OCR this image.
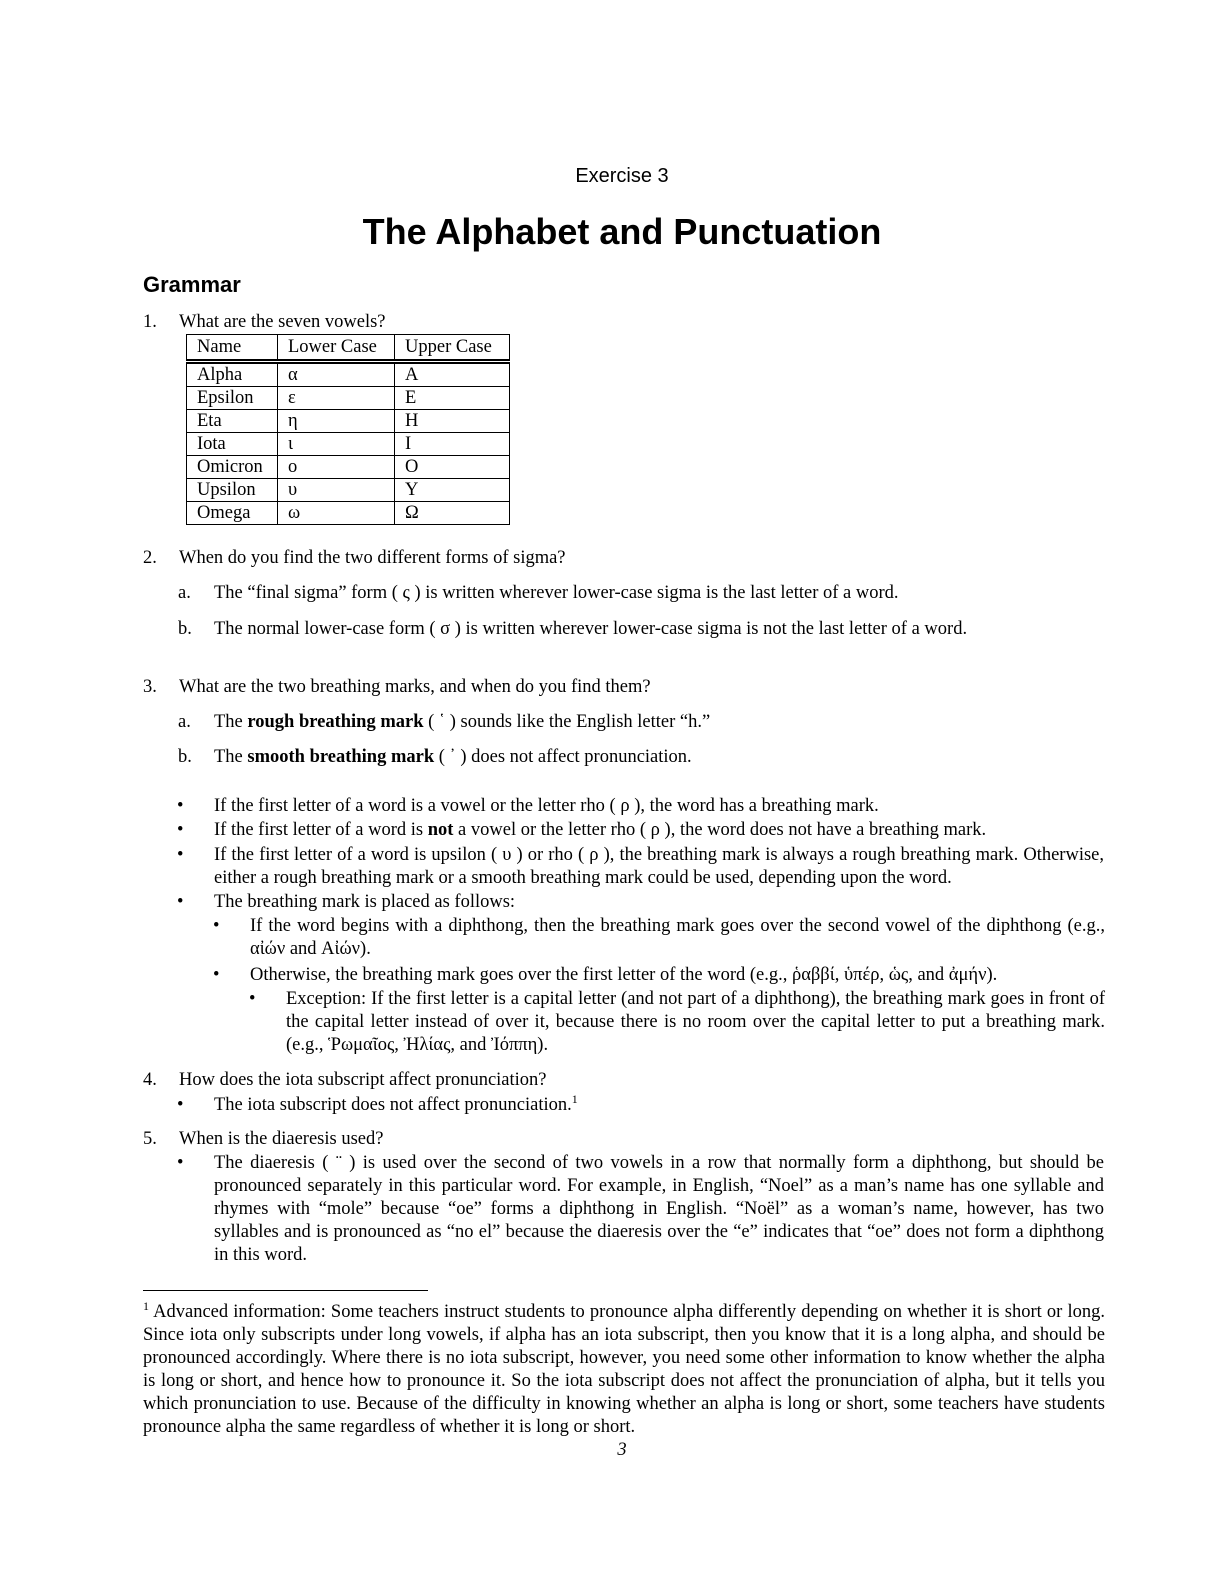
Exercise 3
The Alphabet and Punctuation
Grammar
1. What are the seven vowels?
Name	Lower Case	Upper Case
Alpha	α	A
Epsilon	ε	E
Eta	η	H
Iota	ι	I
Omicron	ο	O
Upsilon	υ	Υ
Omega	ω	Ω
2. When do you find the two different forms of sigma?
a. The “final sigma” form ( ς ) is written wherever lower-case sigma is the last letter of a word.
b. The normal lower-case form ( σ ) is written wherever lower-case sigma is not the last letter of a word.
3. What are the two breathing marks, and when do you find them?
a. The rough breathing mark ( ῾ ) sounds like the English letter “h.”
b. The smooth breathing mark ( ᾿ ) does not affect pronunciation.
• If the first letter of a word is a vowel or the letter rho ( ρ ), the word has a breathing mark.
• If the first letter of a word is not a vowel or the letter rho ( ρ ), the word does not have a breathing mark.
• If the first letter of a word is upsilon ( υ ) or rho ( ρ ), the breathing mark is always a rough breathing mark. Otherwise, either a rough breathing mark or a smooth breathing mark could be used, depending upon the word.
• The breathing mark is placed as follows:
• If the word begins with a diphthong, then the breathing mark goes over the second vowel of the diphthong (e.g., αἰών and Αἰών).
• Otherwise, the breathing mark goes over the first letter of the word (e.g., ῥαββί, ὑπέρ, ὡς, and ἀμήν).
• Exception: If the first letter is a capital letter (and not part of a diphthong), the breathing mark goes in front of the capital letter instead of over it, because there is no room over the capital letter to put a breathing mark. (e.g., Ῥωμαῖος, Ἠλίας, and Ἰόππη).
4. How does the iota subscript affect pronunciation?
• The iota subscript does not affect pronunciation.$^1$
5. When is the diaeresis used?
• The diaeresis ( ¨ ) is used over the second of two vowels in a row that normally form a diphthong, but should be pronounced separately in this particular word. For example, in English, “Noel” as a man’s name has one syllable and rhymes with “mole” because “oe” forms a diphthong in English. “Noël” as a woman’s name, however, has two syllables and is pronounced as “no el” because the diaeresis over the “e” indicates that “oe” does not form a diphthong in this word.
$^1$ Advanced information: Some teachers instruct students to pronounce alpha differently depending on whether it is short or long. Since iota only subscripts under long vowels, if alpha has an iota subscript, then you know that it is a long alpha, and should be pronounced accordingly. Where there is no iota subscript, however, you need some other information to know whether the alpha is long or short, and hence how to pronounce it. So the iota subscript does not affect the pronunciation of alpha, but it tells you which pronunciation to use. Because of the difficulty in knowing whether an alpha is long or short, some teachers have students pronounce alpha the same regardless of whether it is long or short.
3
